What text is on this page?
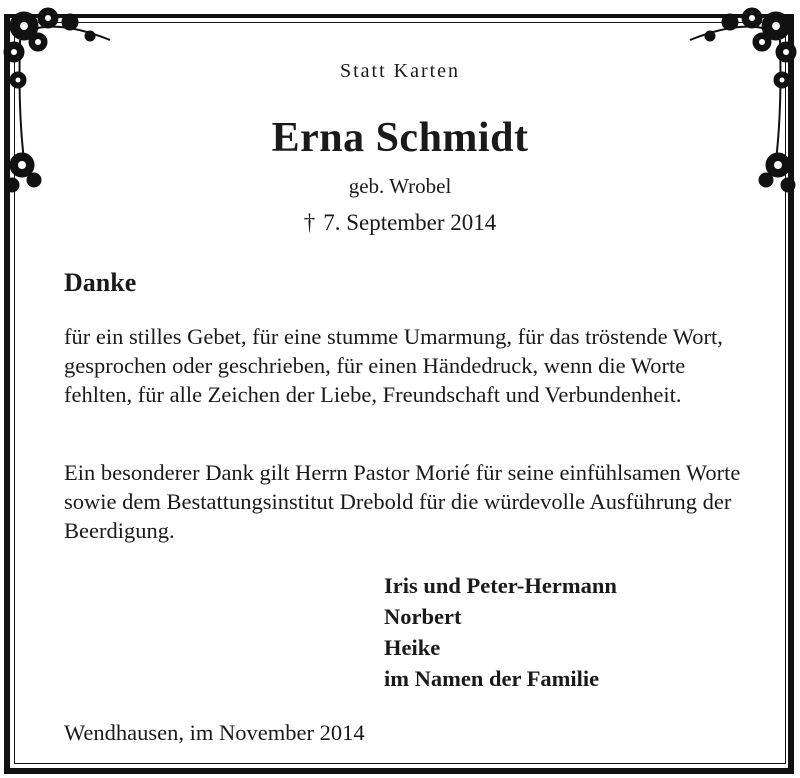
Statt Karten
Erna Schmidt
geb. Wrobel
† 7. September 2014
Danke
für ein stilles Gebet, für eine stumme Umarmung, für das tröstende Wort, gesprochen oder geschrieben, für einen Händedruck, wenn die Worte fehlten, für alle Zeichen der Liebe, Freundschaft und Verbundenheit.
Ein besonderer Dank gilt Herrn Pastor Morié für seine einfühlsamen Worte sowie dem Bestattungsinstitut Drebold für die würdevolle Ausführung der Beerdigung.
Iris und Peter-Hermann
Norbert
Heike
im Namen der Familie
Wendhausen, im November 2014
